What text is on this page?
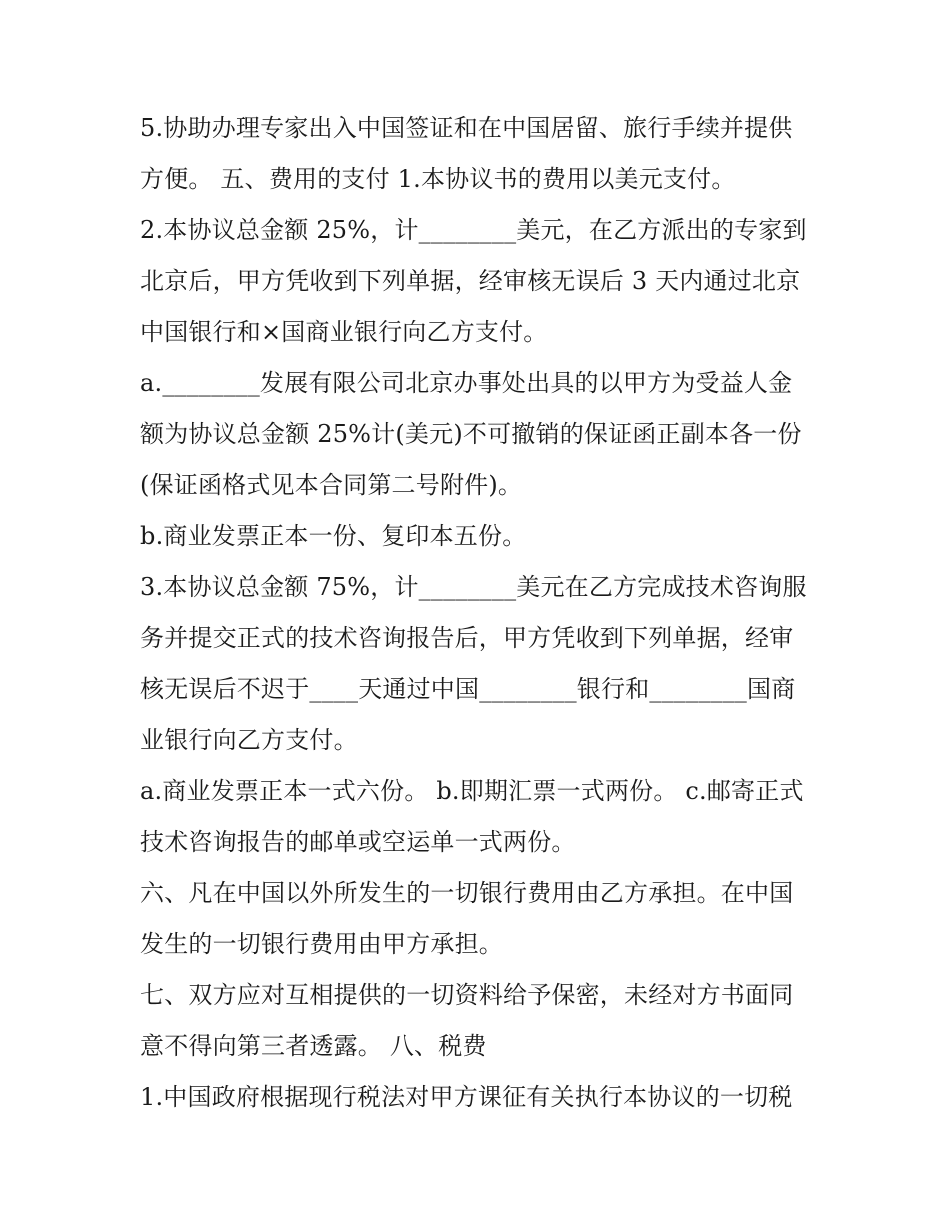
5.协助办理专家出入中国签证和在中国居留、旅行手续并提供
方便。 五、费用的支付 1.本协议书的费用以美元支付。
2.本协议总金额 25%，计________美元，在乙方派出的专家到
北京后，甲方凭收到下列单据，经审核无误后 3 天内通过北京
中国银行和×国商业银行向乙方支付。
a.________发展有限公司北京办事处出具的以甲方为受益人金
额为协议总金额 25%计(美元)不可撤销的保证函正副本各一份
(保证函格式见本合同第二号附件)。
b.商业发票正本一份、复印本五份。
3.本协议总金额 75%，计________美元在乙方完成技术咨询服
务并提交正式的技术咨询报告后，甲方凭收到下列单据，经审
核无误后不迟于____天通过中国________银行和________国商
业银行向乙方支付。
a.商业发票正本一式六份。 b.即期汇票一式两份。 c.邮寄正式
技术咨询报告的邮单或空运单一式两份。
六、凡在中国以外所发生的一切银行费用由乙方承担。在中国
发生的一切银行费用由甲方承担。
七、双方应对互相提供的一切资料给予保密，未经对方书面同
意不得向第三者透露。 八、税费
1.中国政府根据现行税法对甲方课征有关执行本协议的一切税
